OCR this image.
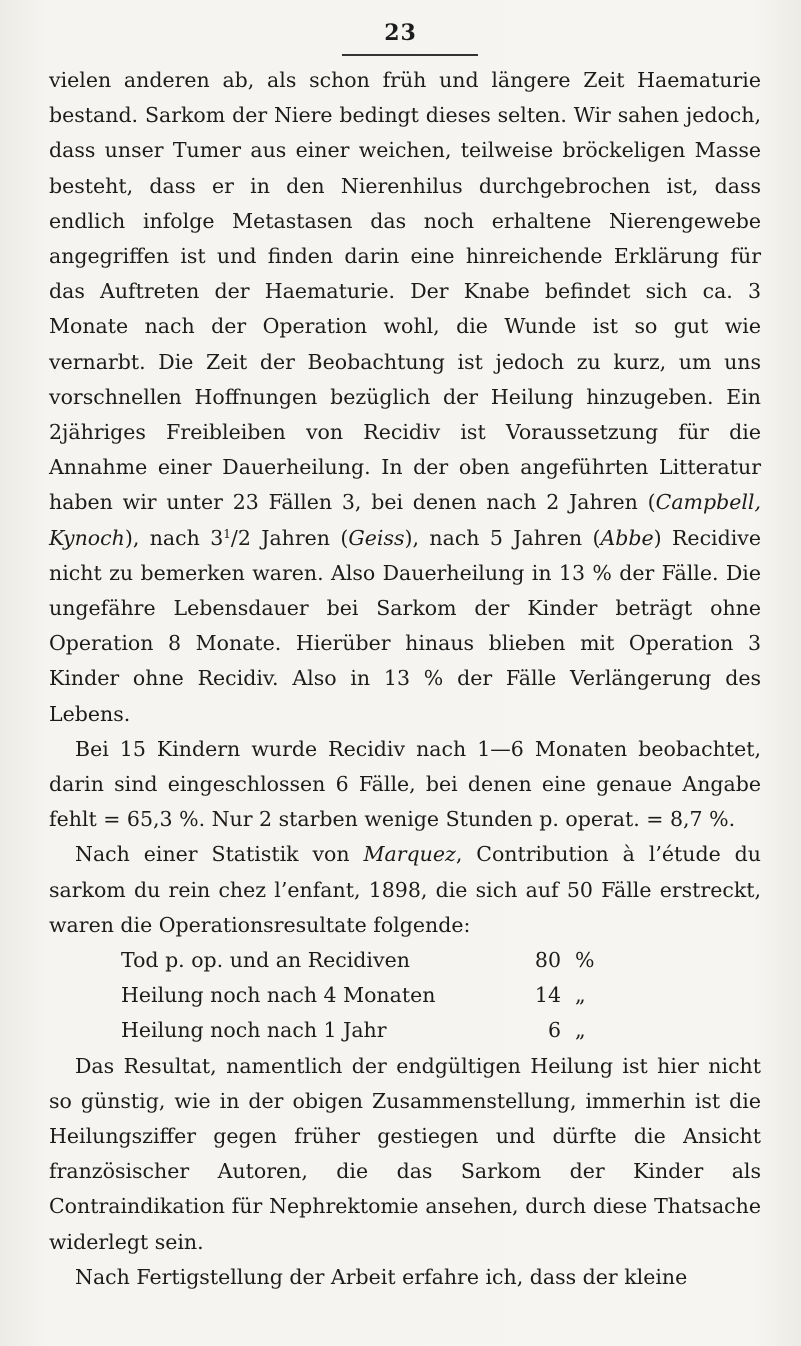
23

vielen anderen ab, als schon früh und längere Zeit Haematurie bestand. Sarkom der Niere bedingt dieses selten. Wir sahen jedoch, dass unser Tumer aus einer weichen, teilweise bröckeligen Masse besteht, dass er in den Nierenhilus durchgebrochen ist, dass endlich infolge Metastasen das noch erhaltene Nierengewebe angegriffen ist und finden darin eine hinreichende Erklärung für das Auftreten der Haematurie. Der Knabe befindet sich ca. 3 Monate nach der Operation wohl, die Wunde ist so gut wie vernarbt. Die Zeit der Beobachtung ist jedoch zu kurz, um uns vorschnellen Hoffnungen bezüglich der Heilung hinzugeben. Ein 2jähriges Freibleiben von Recidiv ist Voraussetzung für die Annahme einer Dauerheilung. In der oben angeführten Litteratur haben wir unter 23 Fällen 3, bei denen nach 2 Jahren (Campbell, Kynoch), nach $3^1/2$ Jahren (Geiss), nach 5 Jahren (Abbe) Recidive nicht zu bemerken waren. Also Dauerheilung in 13 % der Fälle. Die ungefähre Lebensdauer bei Sarkom der Kinder beträgt ohne Operation 8 Monate. Hierüber hinaus blieben mit Operation 3 Kinder ohne Recidiv. Also in 13 % der Fälle Verlängerung des Lebens.

Bei 15 Kindern wurde Recidiv nach 1—6 Monaten beobachtet, darin sind eingeschlossen 6 Fälle, bei denen eine genaue Angabe fehlt = 65,3 %. Nur 2 starben wenige Stunden p. operat. = 8,7 %.

Nach einer Statistik von Marquez, Contribution à l’étude du sarkom du rein chez l’enfant, 1898, die sich auf 50 Fälle erstreckt, waren die Operationsresultate folgende:

Tod p. op. und an Recidiven	80 %
Heilung noch nach 4 Monaten	14 „
Heilung noch nach 1 Jahr	6 „

Das Resultat, namentlich der endgültigen Heilung ist hier nicht so günstig, wie in der obigen Zusammenstellung, immerhin ist die Heilungsziffer gegen früher gestiegen und dürfte die Ansicht französischer Autoren, die das Sarkom der Kinder als Contraindikation für Nephrektomie ansehen, durch diese Thatsache widerlegt sein.

Nach Fertigstellung der Arbeit erfahre ich, dass der kleine
